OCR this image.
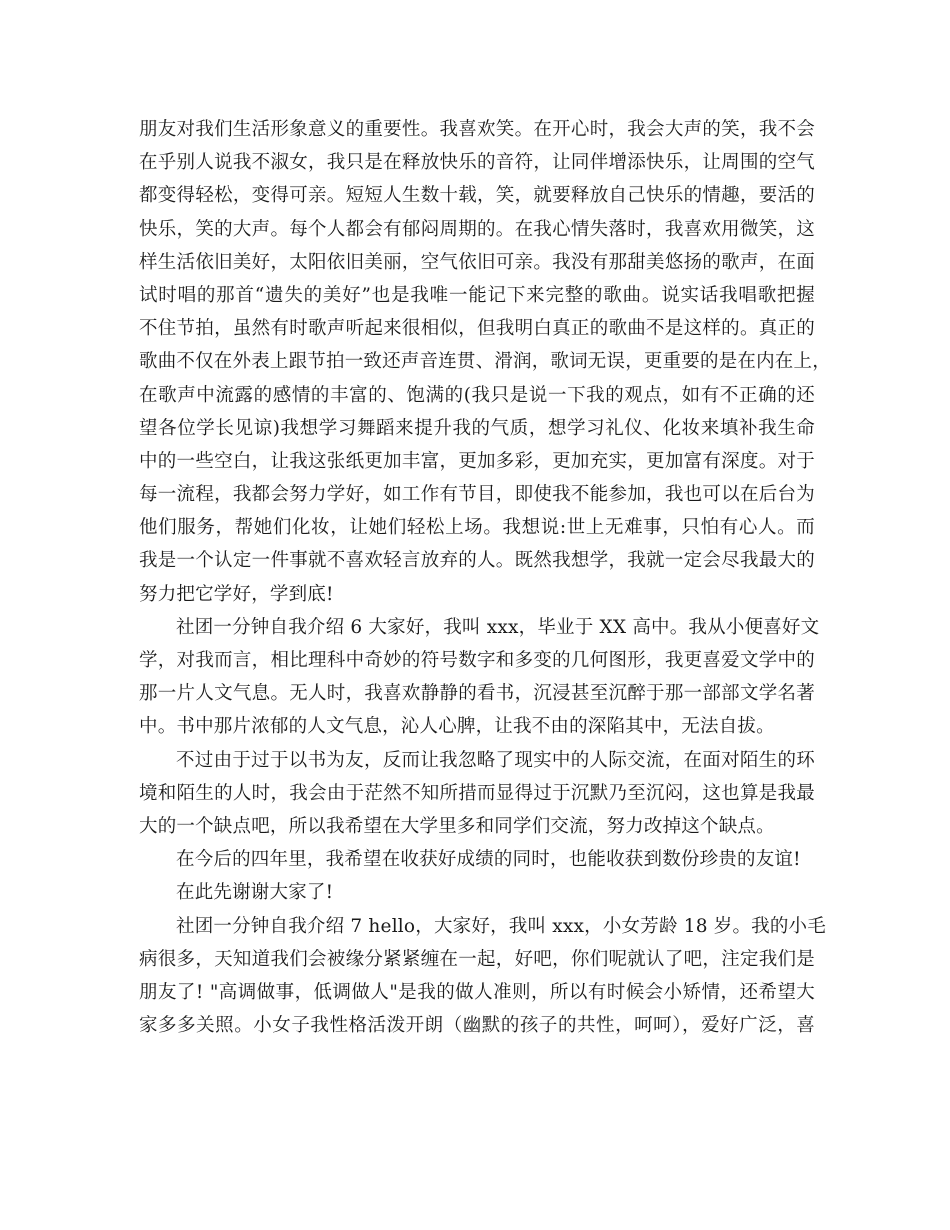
朋友对我们生活形象意义的重要性。我喜欢笑。在开心时，我会大声的笑，我不会
在乎别人说我不淑女，我只是在释放快乐的音符，让同伴增添快乐，让周围的空气
都变得轻松，变得可亲。短短人生数十载，笑，就要释放自己快乐的情趣，要活的
快乐，笑的大声。每个人都会有郁闷周期的。在我心情失落时，我喜欢用微笑，这
样生活依旧美好，太阳依旧美丽，空气依旧可亲。我没有那甜美悠扬的歌声，在面
试时唱的那首“遗失的美好”也是我唯一能记下来完整的歌曲。说实话我唱歌把握
不住节拍，虽然有时歌声听起来很相似，但我明白真正的歌曲不是这样的。真正的
歌曲不仅在外表上跟节拍一致还声音连贯、滑润，歌词无误，更重要的是在内在上，
在歌声中流露的感情的丰富的、饱满的(我只是说一下我的观点，如有不正确的还
望各位学长见谅)我想学习舞蹈来提升我的气质，想学习礼仪、化妆来填补我生命
中的一些空白，让我这张纸更加丰富，更加多彩，更加充实，更加富有深度。对于
每一流程，我都会努力学好，如工作有节目，即使我不能参加，我也可以在后台为
他们服务，帮她们化妆，让她们轻松上场。我想说:世上无难事，只怕有心人。而
我是一个认定一件事就不喜欢轻言放弃的人。既然我想学，我就一定会尽我最大的
努力把它学好，学到底!
社团一分钟自我介绍 6 大家好，我叫 xxx，毕业于 XX 高中。我从小便喜好文
学，对我而言，相比理科中奇妙的符号数字和多变的几何图形，我更喜爱文学中的
那一片人文气息。无人时，我喜欢静静的看书，沉浸甚至沉醉于那一部部文学名著
中。书中那片浓郁的人文气息，沁人心脾，让我不由的深陷其中，无法自拔。
不过由于过于以书为友，反而让我忽略了现实中的人际交流，在面对陌生的环
境和陌生的人时，我会由于茫然不知所措而显得过于沉默乃至沉闷，这也算是我最
大的一个缺点吧，所以我希望在大学里多和同学们交流，努力改掉这个缺点。
在今后的四年里，我希望在收获好成绩的同时，也能收获到数份珍贵的友谊!
在此先谢谢大家了!
社团一分钟自我介绍 7 hello，大家好，我叫 xxx，小女芳龄 18 岁。我的小毛
病很多，天知道我们会被缘分紧紧缠在一起，好吧，你们呢就认了吧，注定我们是
朋友了! "高调做事，低调做人"是我的做人准则，所以有时候会小矫情，还希望大
家多多关照。小女子我性格活泼开朗（幽默的孩子的共性，呵呵），爱好广泛，喜
